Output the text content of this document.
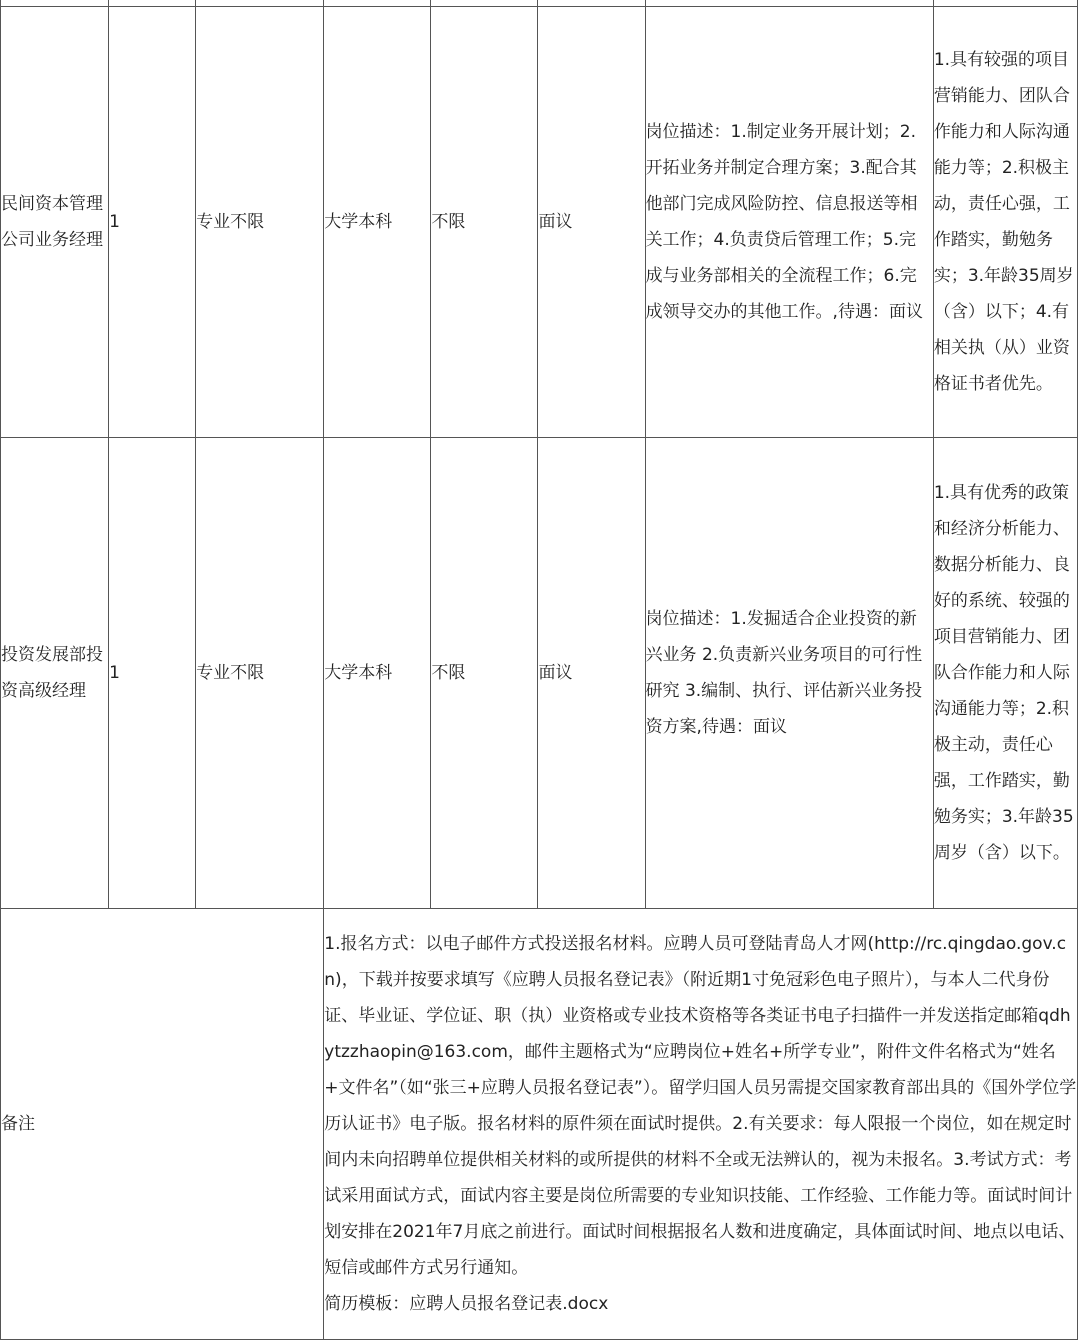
民间资本管理公司业务经理	1	专业不限	大学本科	不限	面议	岗位描述：1.制定业务开展计划；2.开拓业务并制定合理方案；3.配合其他部门完成风险防控、信息报送等相关工作；4.负责贷后管理工作；5.完成与业务部相关的全流程工作；6.完成领导交办的其他工作。,待遇：面议	1.具有较强的项目营销能力、团队合作能力和人际沟通能力等；2.积极主动，责任心强，工作踏实，勤勉务实；3.年龄35周岁（含）以下；4.有相关执（从）业资格证书者优先。
投资发展部投资高级经理	1	专业不限	大学本科	不限	面议	岗位描述：1.发掘适合企业投资的新兴业务 2.负责新兴业务项目的可行性研究 3.编制、执行、评估新兴业务投资方案,待遇：面议	1.具有优秀的政策和经济分析能力、数据分析能力、良好的系统、较强的项目营销能力、团队合作能力和人际沟通能力等；2.积极主动，责任心强，工作踏实，勤勉务实；3.年龄35周岁（含）以下。
备注			1.报名方式：以电子邮件方式投送报名材料。应聘人员可登陆青岛人才网(http://rc.qingdao.gov.cn)，下载并按要求填写《应聘人员报名登记表》（附近期1寸免冠彩色电子照片），与本人二代身份证、毕业证、学位证、职（执）业资格或专业技术资格等各类证书电子扫描件一并发送指定邮箱qdhytzzhaopin@163.com，邮件主题格式为“应聘岗位+姓名+所学专业”，附件文件名格式为“姓名+文件名”（如“张三+应聘人员报名登记表”）。留学归国人员另需提交国家教育部出具的《国外学位学历认证书》电子版。报名材料的原件须在面试时提供。2.有关要求：每人限报一个岗位，如在规定时间内未向招聘单位提供相关材料的或所提供的材料不全或无法辨认的，视为未报名。3.考试方式：考试采用面试方式，面试内容主要是岗位所需要的专业知识技能、工作经验、工作能力等。面试时间计划安排在2021年7月底之前进行。面试时间根据报名人数和进度确定，具体面试时间、地点以电话、短信或邮件方式另行通知。
简历模板：应聘人员报名登记表.docx				
